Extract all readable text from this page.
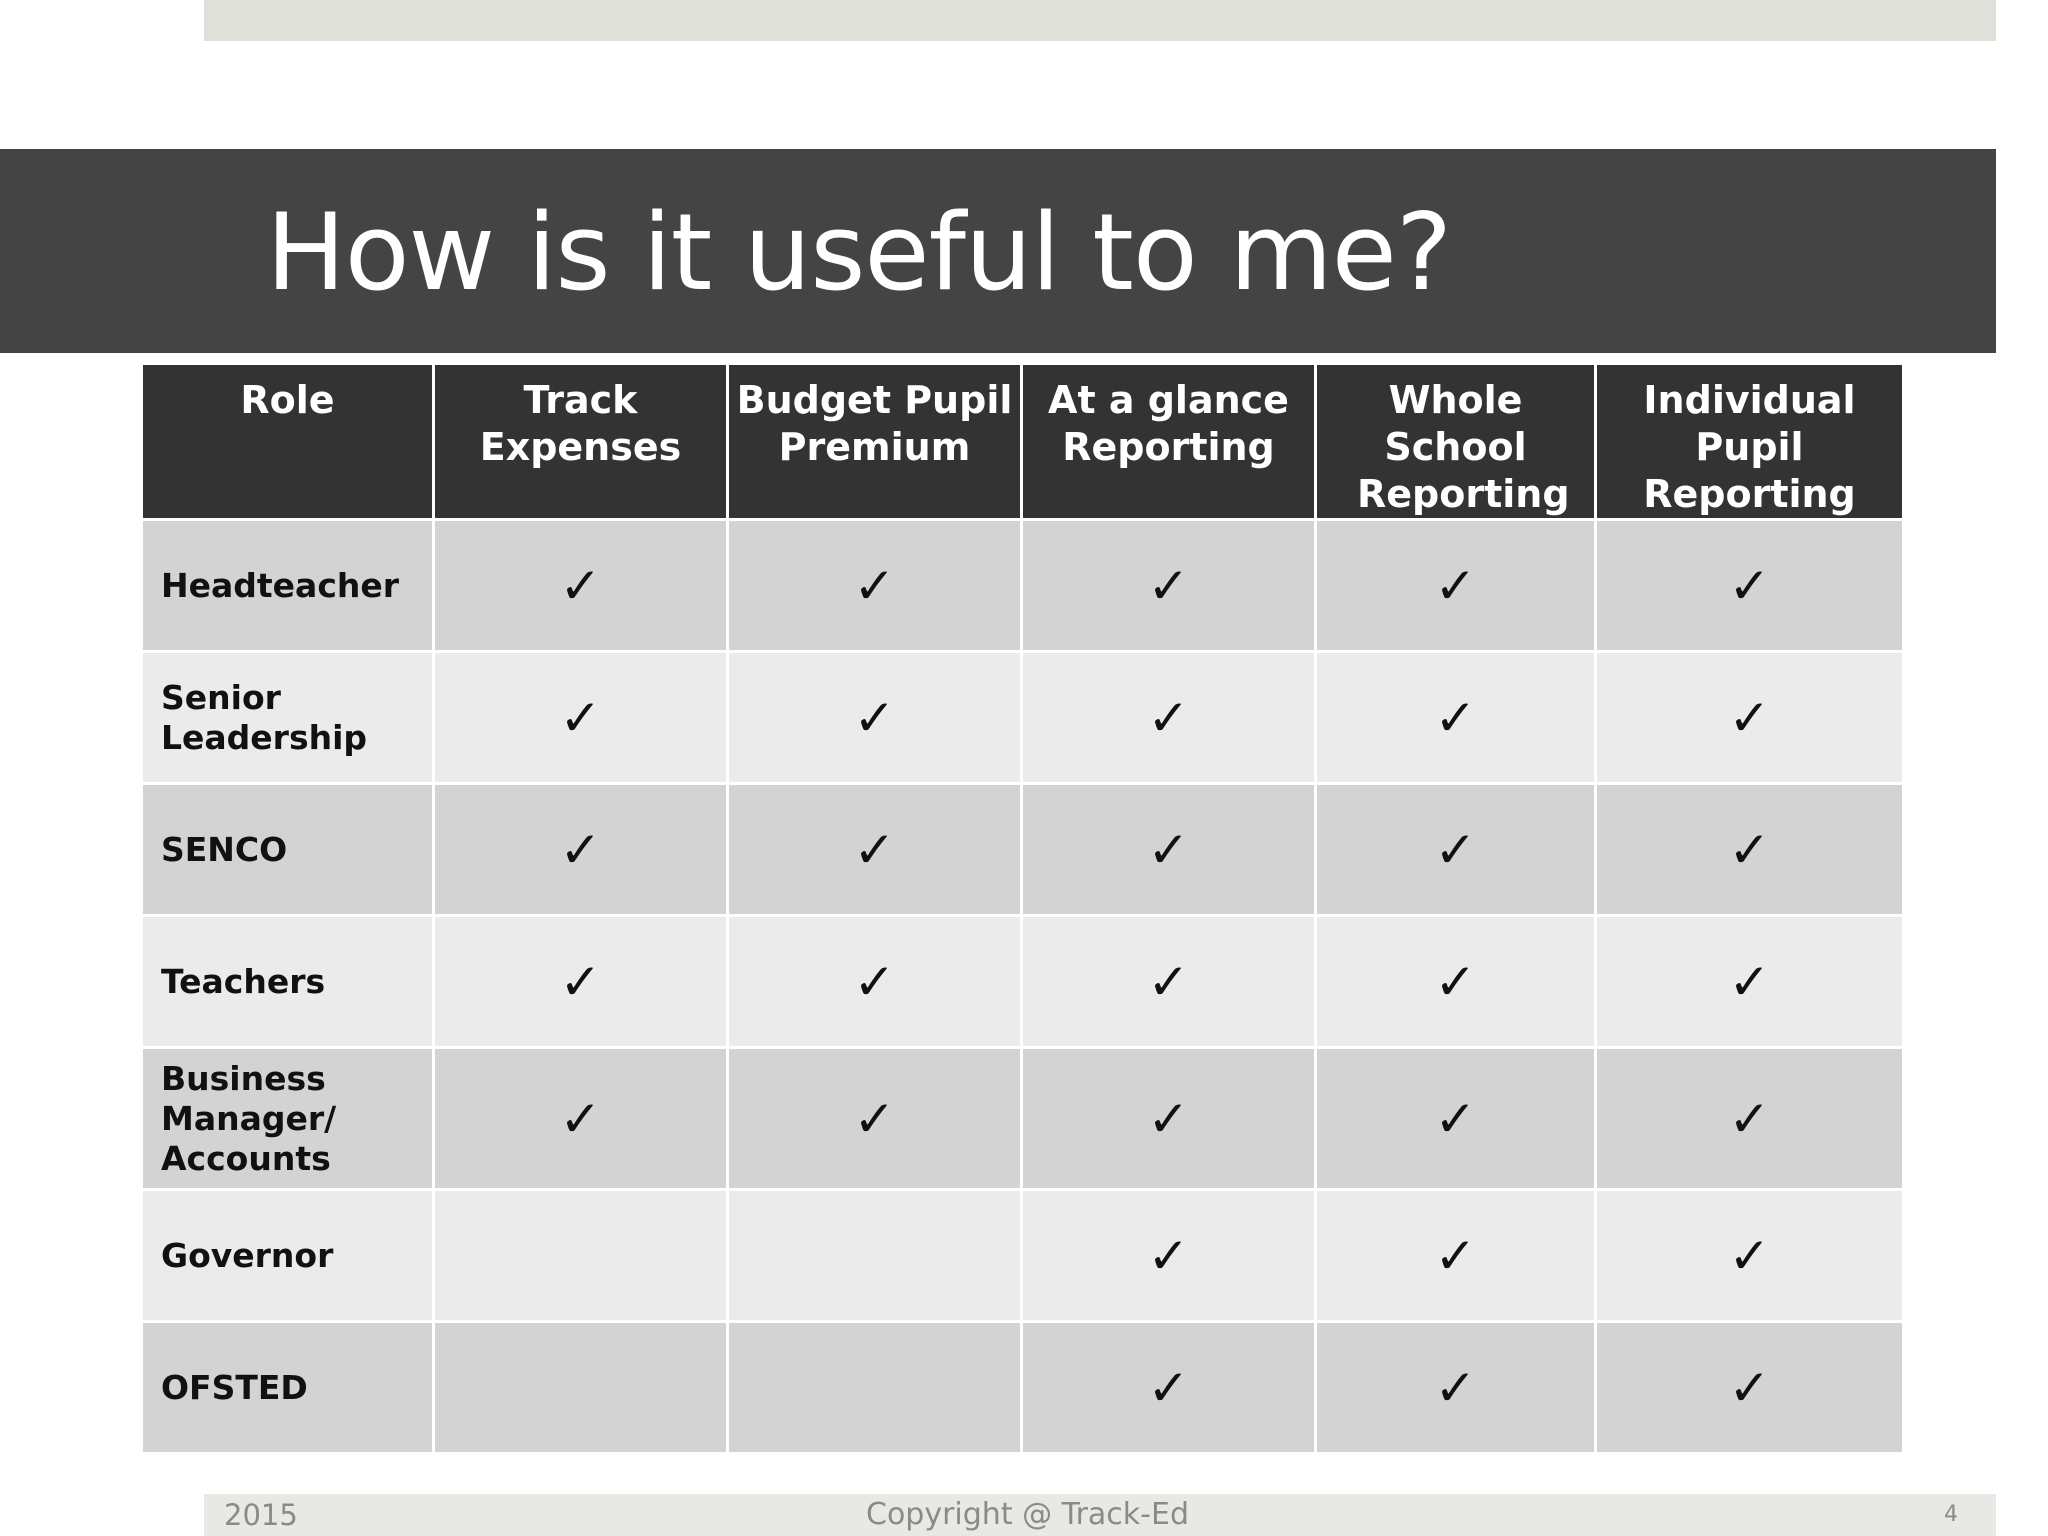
How is it useful to me?
Role	Track Expenses	Budget Pupil Premium	At a glance Reporting	Whole School Reporting	Individual Pupil Reporting
Headteacher	✓	✓	✓	✓	✓
Senior Leadership	✓	✓	✓	✓	✓
SENCO	✓	✓	✓	✓	✓
Teachers	✓	✓	✓	✓	✓
Business Manager/ Accounts	✓	✓	✓	✓	✓
Governor			✓	✓	✓
OFSTED			✓	✓	✓
2015	Copyright @ Track-Ed	4
